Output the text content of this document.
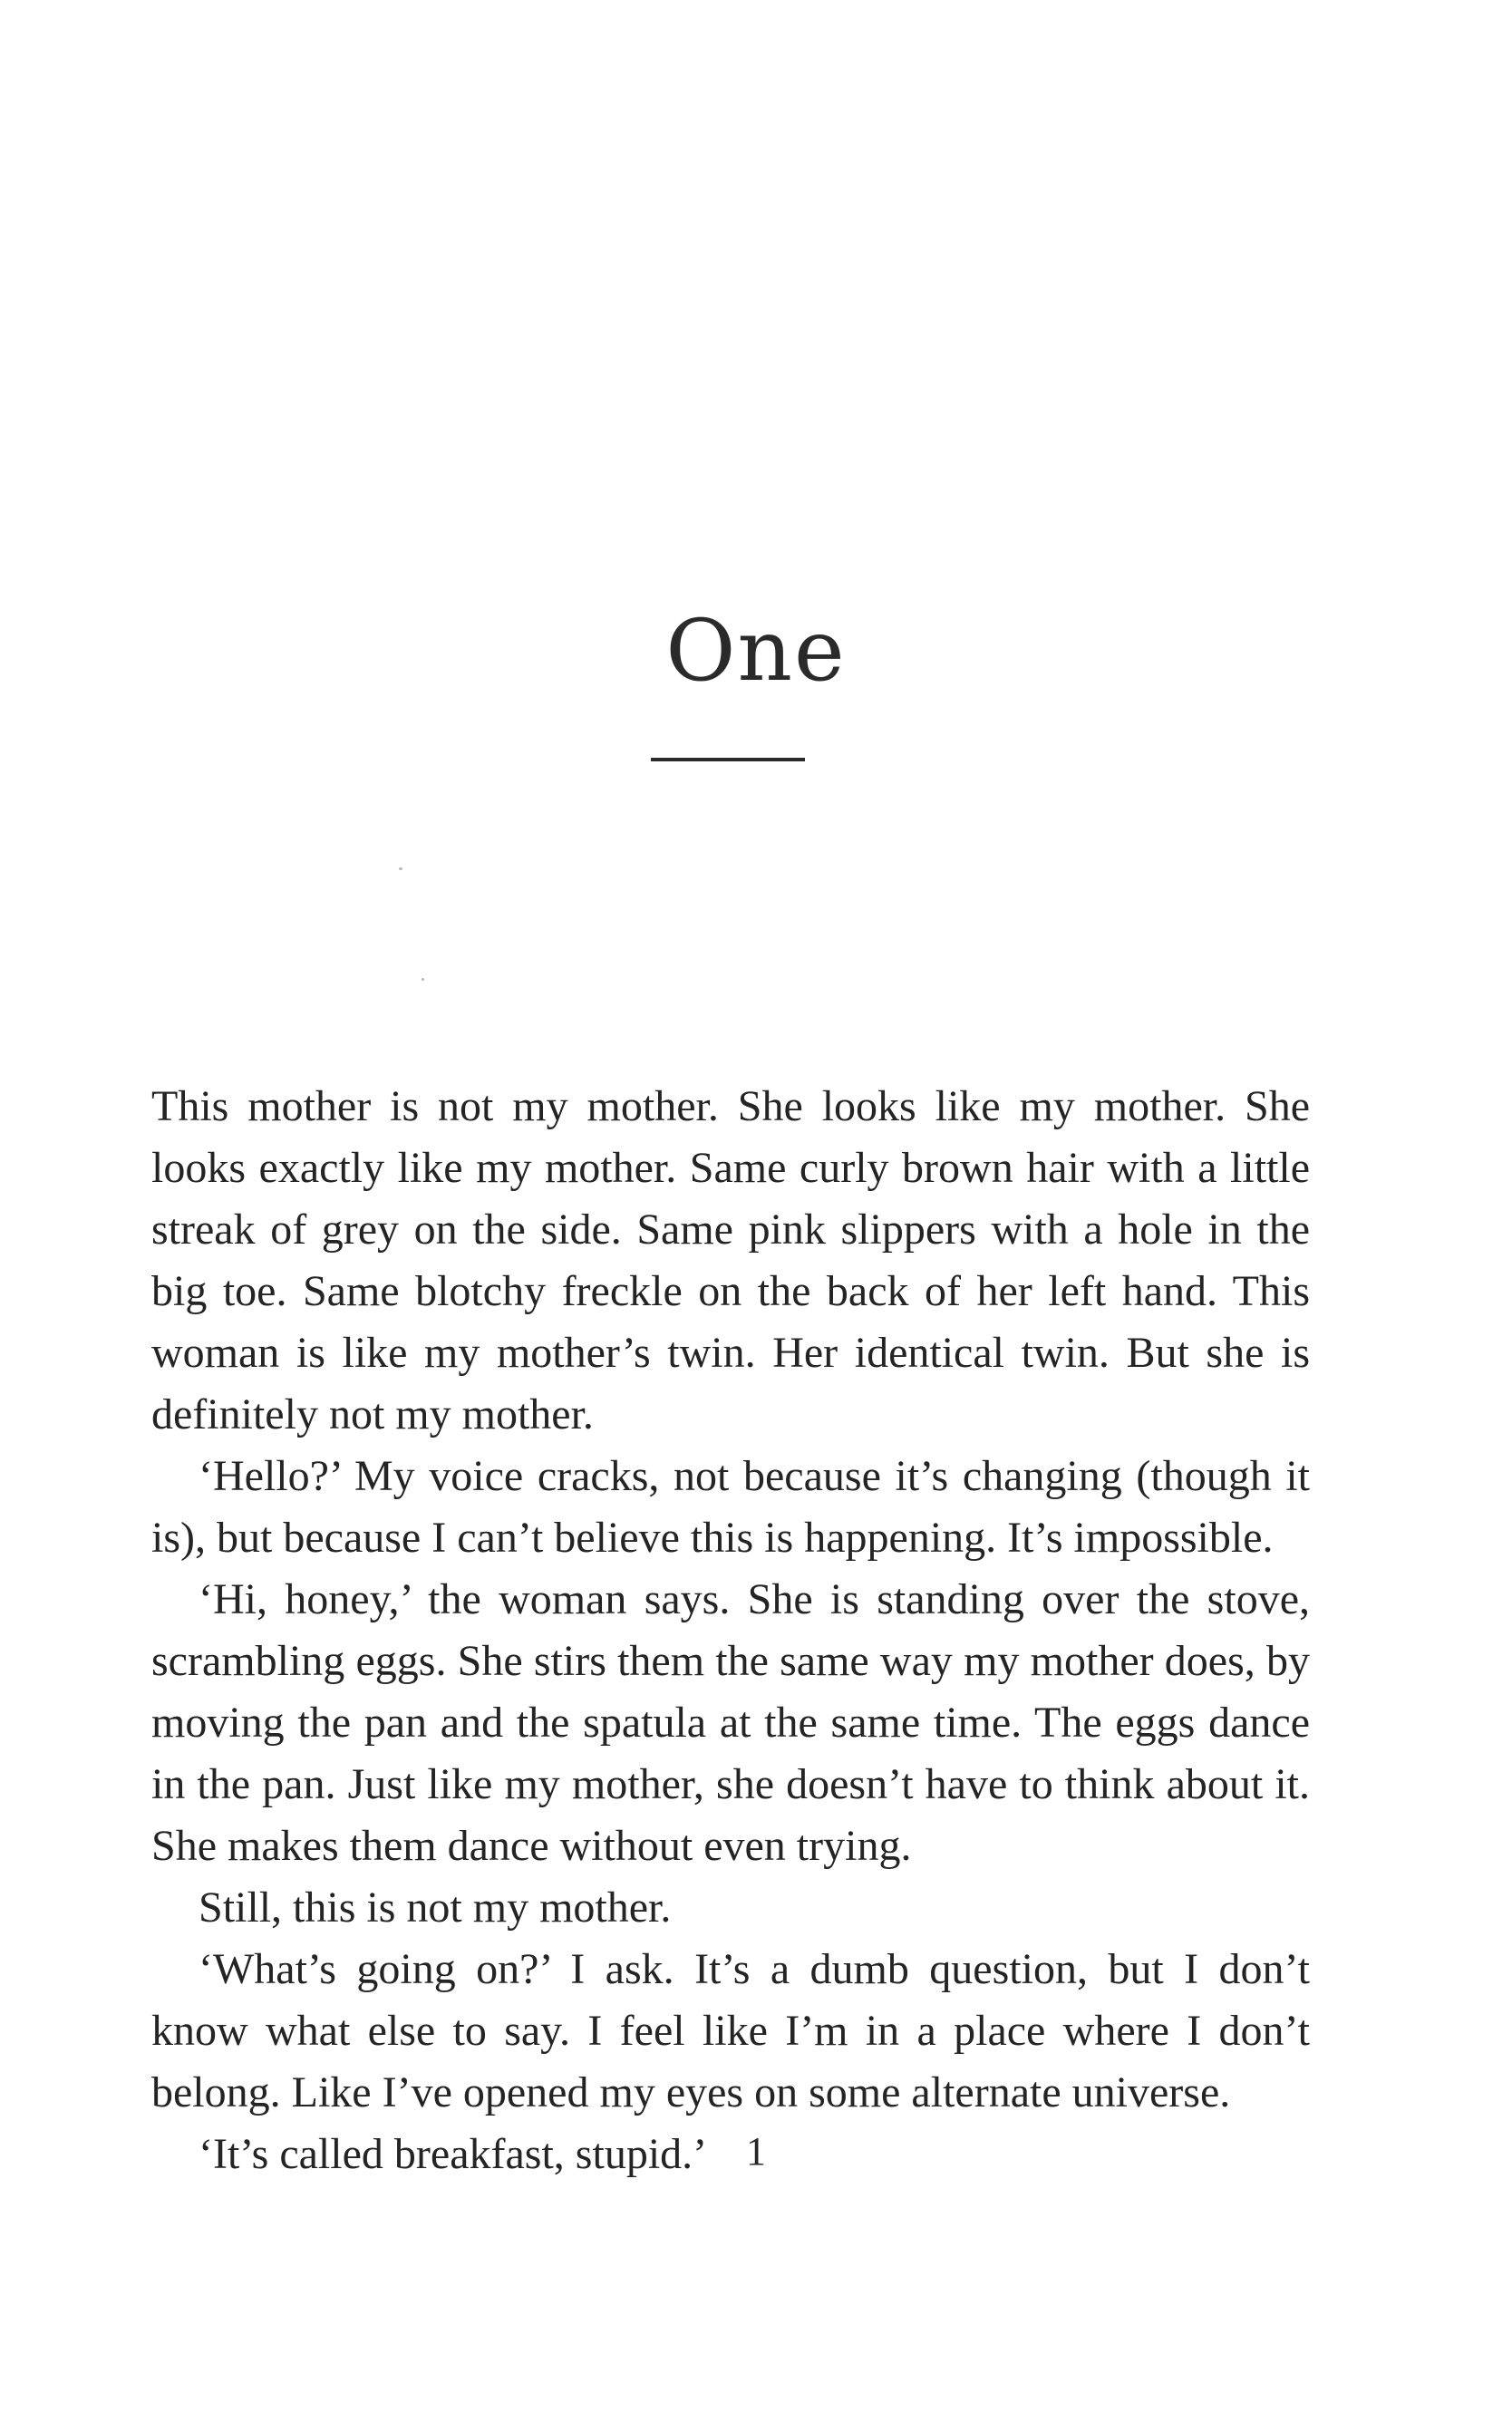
One

This mother is not my mother. She looks like my mother. She looks exactly like my mother. Same curly brown hair with a little streak of grey on the side. Same pink slippers with a hole in the big toe. Same blotchy freckle on the back of her left hand. This woman is like my mother’s twin. Her identical twin. But she is definitely not my mother.

‘Hello?’ My voice cracks, not because it’s changing (though it is), but because I can’t believe this is happening. It’s impossible.

‘Hi, honey,’ the woman says. She is standing over the stove, scrambling eggs. She stirs them the same way my mother does, by moving the pan and the spatula at the same time. The eggs dance in the pan. Just like my mother, she doesn’t have to think about it. She makes them dance without even trying.

Still, this is not my mother.

‘What’s going on?’ I ask. It’s a dumb question, but I don’t know what else to say. I feel like I’m in a place where I don’t belong. Like I’ve opened my eyes on some alternate universe.

‘It’s called breakfast, stupid.’ 1
